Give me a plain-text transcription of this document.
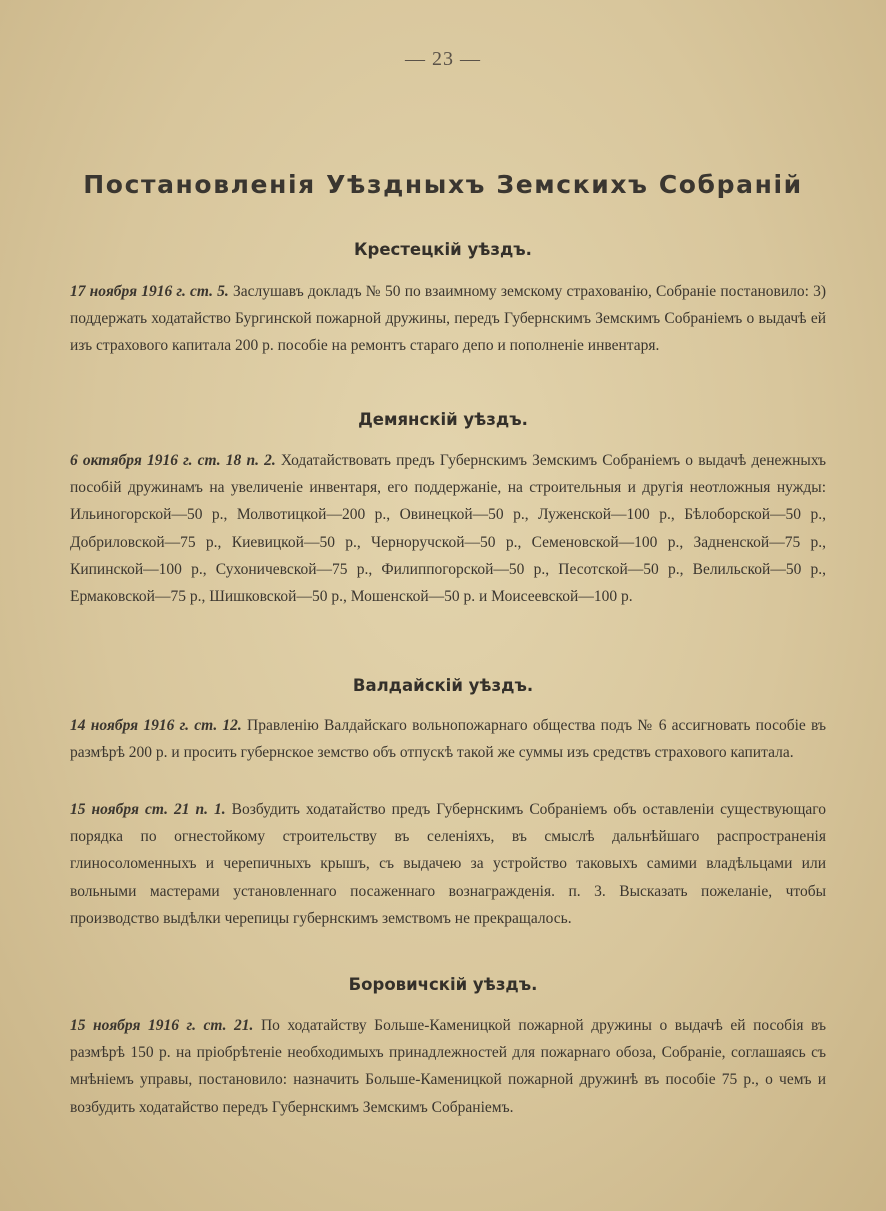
— 23 —
Постановленія Уѣздныхъ Земскихъ Собраній
Крестецкій уѣздъ.
17 ноября 1916 г. ст. 5. Заслушавъ докладъ № 50 по взаимному земскому страхованію, Собраніе постановило: 3) поддержать ходатайство Бургинской пожарной дружины, передъ Губернскимъ Земскимъ Собраніемъ о выдачѣ ей изъ страхового капитала 200 р. пособіе на ремонтъ стараго депо и пополненіе инвентаря.
Демянскій уѣздъ.
6 октября 1916 г. ст. 18 п. 2. Ходатайствовать предъ Губернскимъ Земскимъ Собраніемъ о выдачѣ денежныхъ пособій дружинамъ на увеличеніе инвентаря, его поддержаніе, на строительныя и другія неотложныя нужды: Ильиногорской—50 р., Молвотицкой—200 р., Овинецкой—50 р., Луженской—100 р., Бѣлоборской—50 р., Добриловской—75 р., Киевицкой—50 р., Черноручской—50 р., Семеновской—100 р., Задненской—75 р., Кипинской—100 р., Сухоничевской—75 р., Филиппогорской—50 р., Песотской—50 р., Велильской—50 р., Ермаковской—75 р., Шишковской—50 р., Мошенской—50 р. и Моисеевской—100 р.
Валдайскій уѣздъ.
14 ноября 1916 г. ст. 12. Правленію Валдайскаго вольнопожарнаго общества подъ № 6 ассигновать пособіе въ размѣрѣ 200 р. и просить губернское земство объ отпускѣ такой же суммы изъ средствъ страхового капитала.
15 ноября ст. 21 п. 1. Возбудить ходатайство предъ Губернскимъ Собраніемъ объ оставленіи существующаго порядка по огнестойкому строительству въ селеніяхъ, въ смыслѣ дальнѣйшаго распространенія глиносоломенныхъ и черепичныхъ крышъ, съ выдачею за устройство таковыхъ самими владѣльцами или вольными мастерами установленнаго посаженнаго вознагражденія. п. 3. Высказать пожеланіе, чтобы производство выдѣлки черепицы губернскимъ земствомъ не прекращалось.
Боровичскій уѣздъ.
15 ноября 1916 г. ст. 21. По ходатайству Больше-Каменицкой пожарной дружины о выдачѣ ей пособія въ размѣрѣ 150 р. на пріобрѣтеніе необходимыхъ принадлежностей для пожарнаго обоза, Собраніе, соглашаясь съ мнѣніемъ управы, постановило: назначить Больше-Каменицкой пожарной дружинѣ въ пособіе 75 р., о чемъ и возбудить ходатайство передъ Губернскимъ Земскимъ Собраніемъ.
